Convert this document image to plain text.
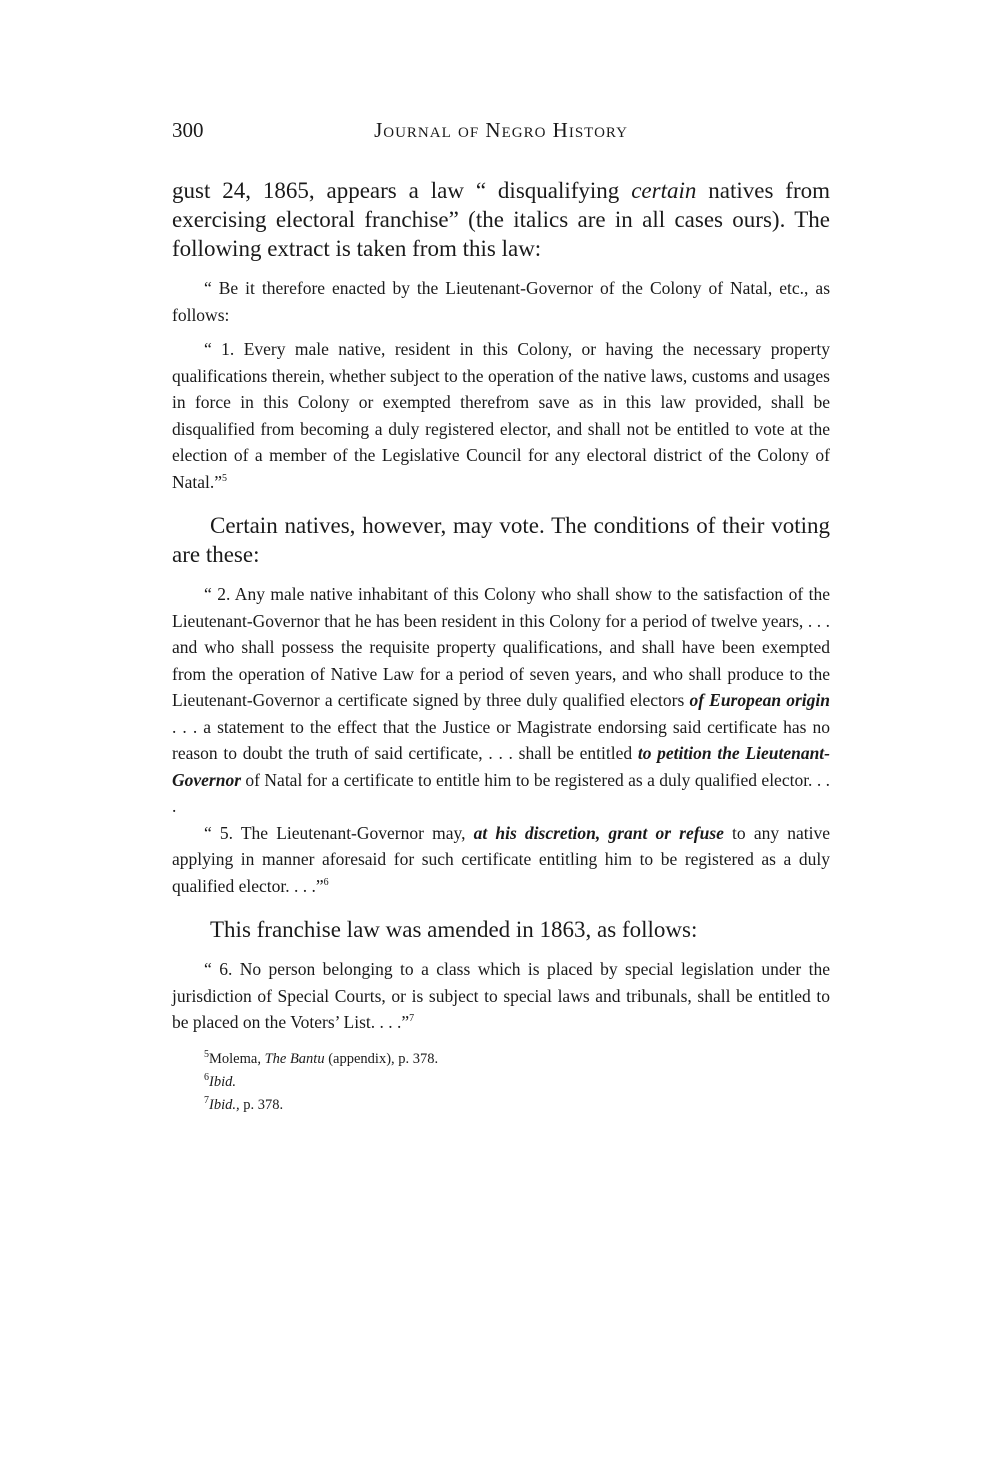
300	Journal of Negro History

gust 24, 1865, appears a law “ disqualifying certain natives from exercising electoral franchise” (the italics are in all cases ours). The following extract is taken from this law:

“ Be it therefore enacted by the Lieutenant-Governor of the Colony of Natal, etc., as follows:

“ 1. Every male native, resident in this Colony, or having the necessary property qualifications therein, whether subject to the operation of the native laws, customs and usages in force in this Colony or exempted therefrom save as in this law provided, shall be disqualified from becoming a duly registered elector, and shall not be entitled to vote at the election of a member of the Legislative Council for any electoral district of the Colony of Natal.”$^5$

Certain natives, however, may vote. The conditions of their voting are these:

“ 2. Any male native inhabitant of this Colony who shall show to the satisfaction of the Lieutenant-Governor that he has been resident in this Colony for a period of twelve years, . . . and who shall possess the requisite property qualifications, and shall have been exempted from the operation of Native Law for a period of seven years, and who shall produce to the Lieutenant-Governor a certificate signed by three duly qualified electors of European origin . . . a statement to the effect that the Justice or Magistrate endorsing said certificate has no reason to doubt the truth of said certificate, . . . shall be entitled to petition the Lieutenant-Governor of Natal for a certificate to entitle him to be registered as a duly qualified elector. . . .

“ 5. The Lieutenant-Governor may, at his discretion, grant or refuse to any native applying in manner aforesaid for such certificate entitling him to be registered as a duly qualified elector. . . .”$^6$

This franchise law was amended in 1863, as follows:

“ 6. No person belonging to a class which is placed by special legislation under the jurisdiction of Special Courts, or is subject to special laws and tribunals, shall be entitled to be placed on the Voters’ List. . . .”$^7$

$^5$Molema, The Bantu (appendix), p. 378.
$^6$Ibid.
$^7$Ibid., p. 378.
